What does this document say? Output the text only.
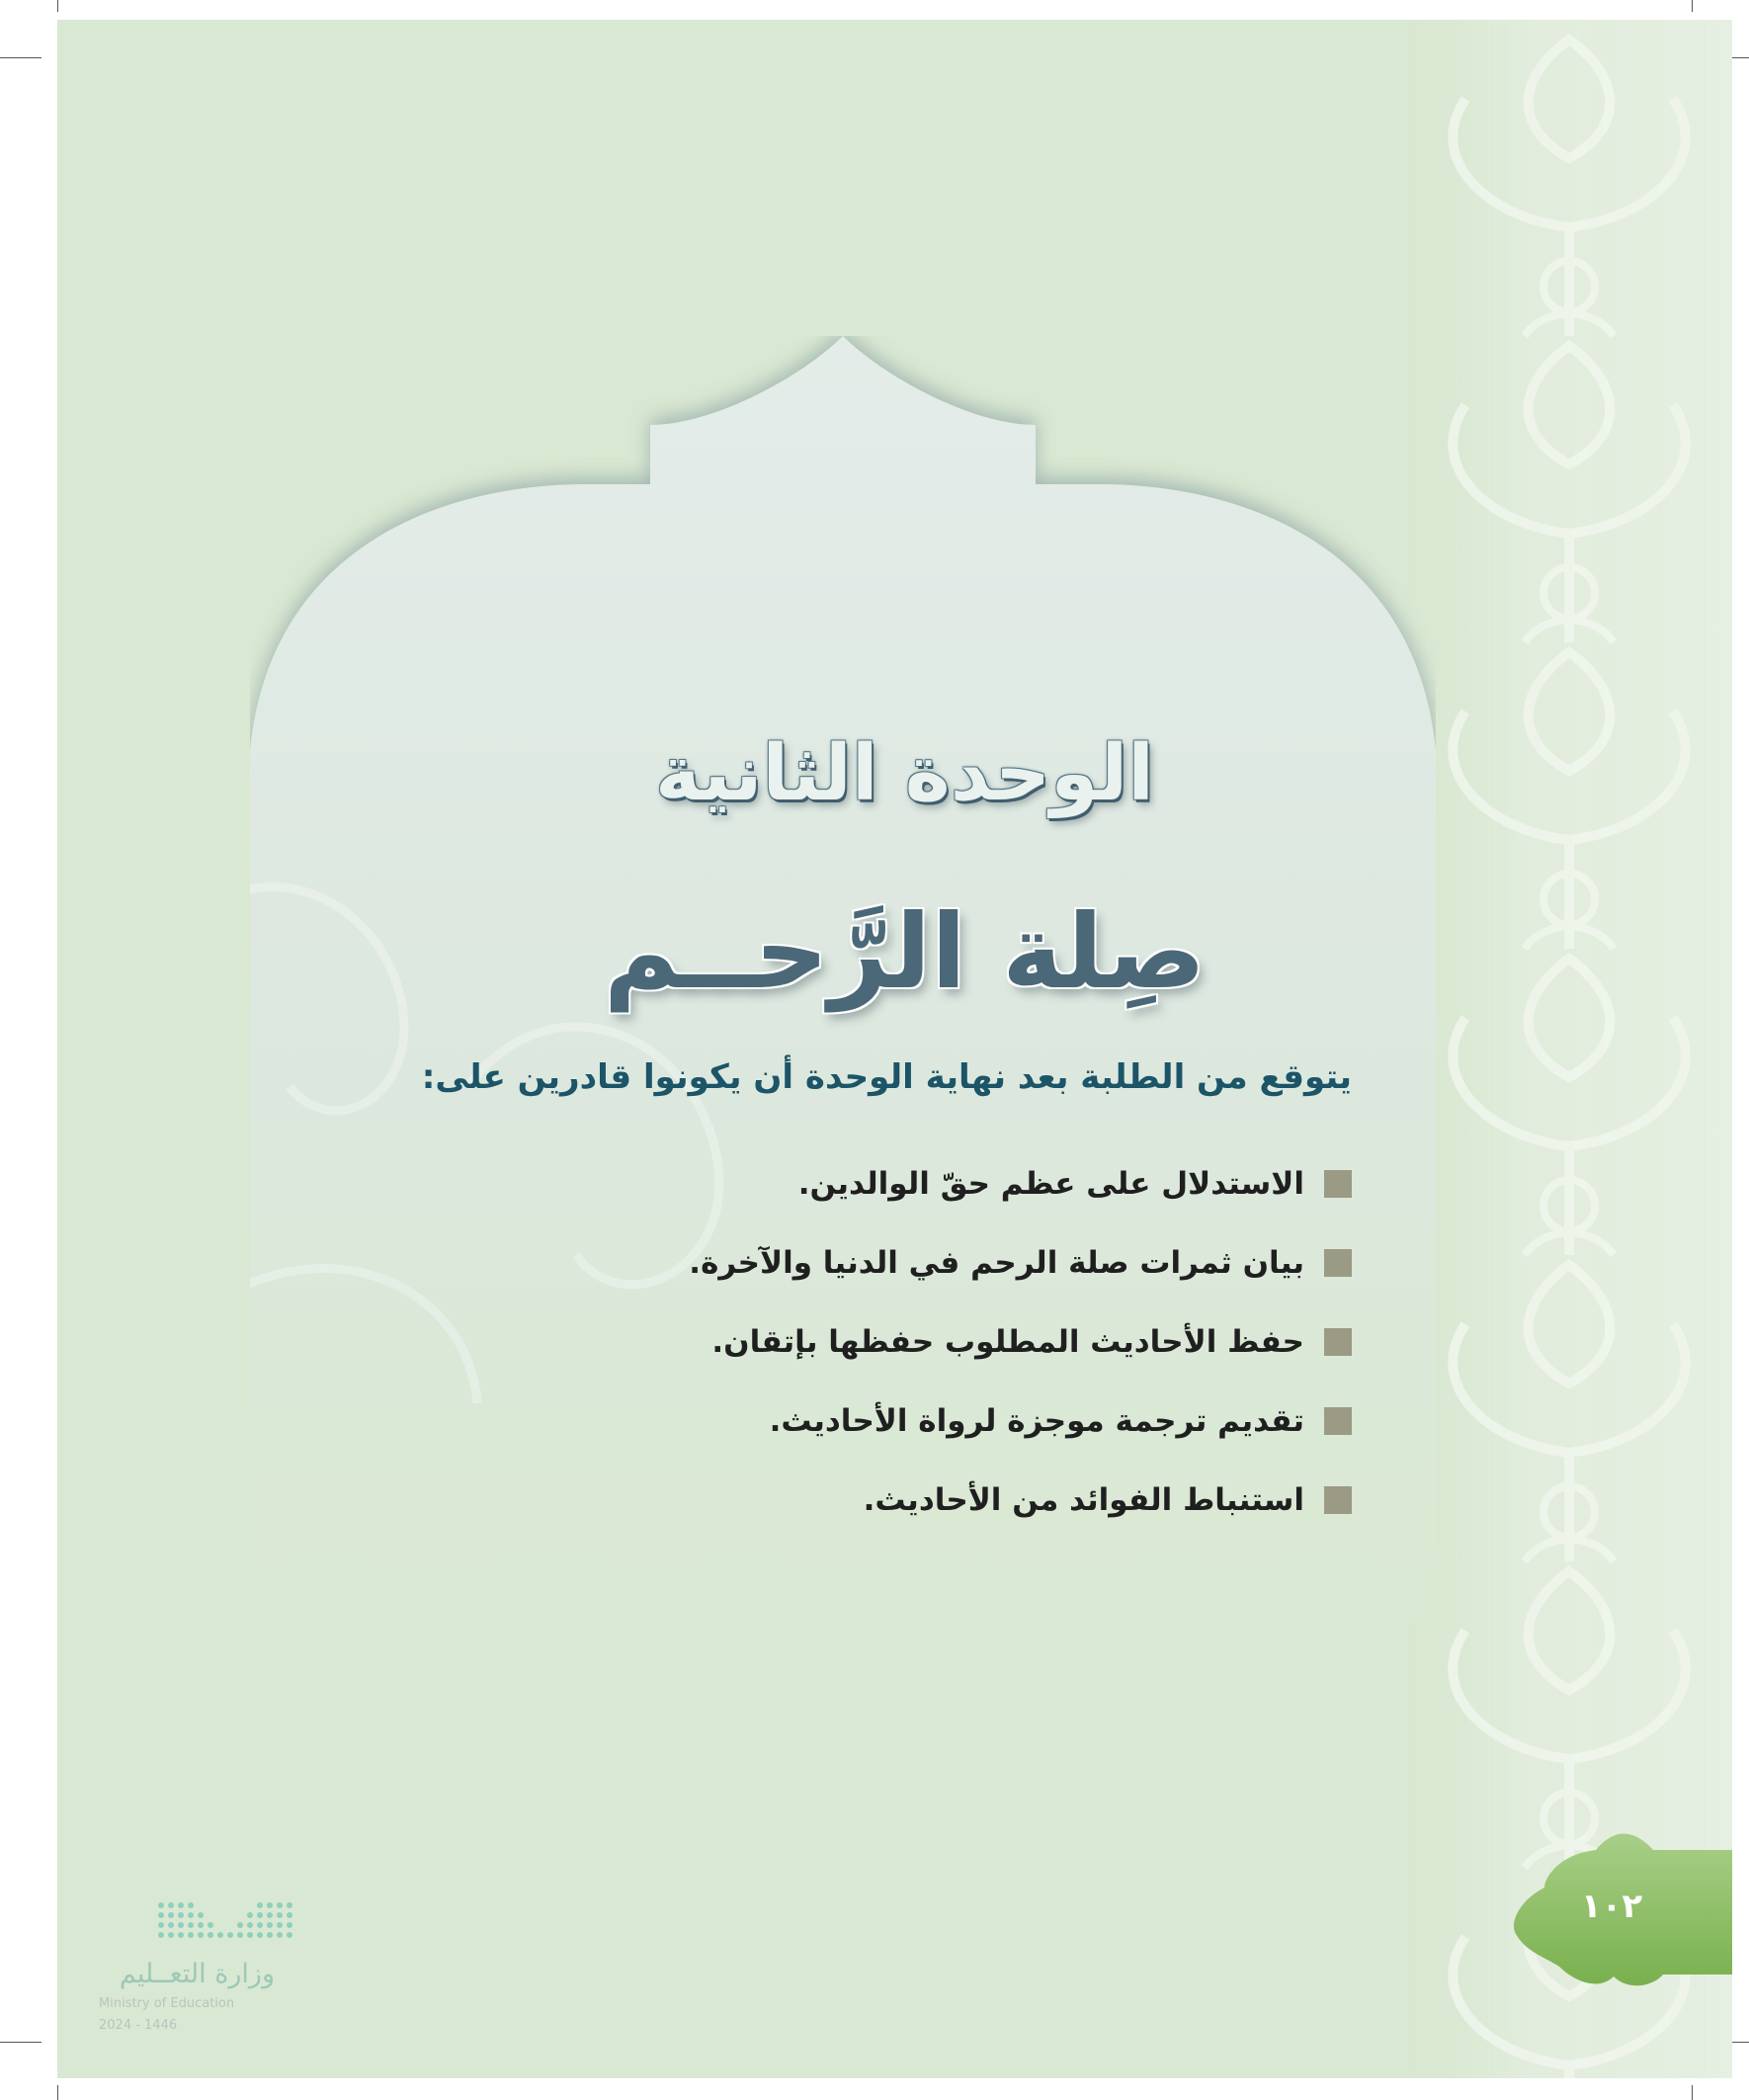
الوحدة الثانية
صِلة الرَّحــم
يتوقع من الطلبة بعد نهاية الوحدة أن يكونوا قادرين على:
الاستدلال على عظم حقّ الوالدين.
بيان ثمرات صلة الرحم في الدنيا والآخرة.
حفظ الأحاديث المطلوب حفظها بإتقان.
تقديم ترجمة موجزة لرواة الأحاديث.
استنباط الفوائد من الأحاديث.
١٠٢
وزارة التعــليم
Ministry of Education
2024 - 1446
